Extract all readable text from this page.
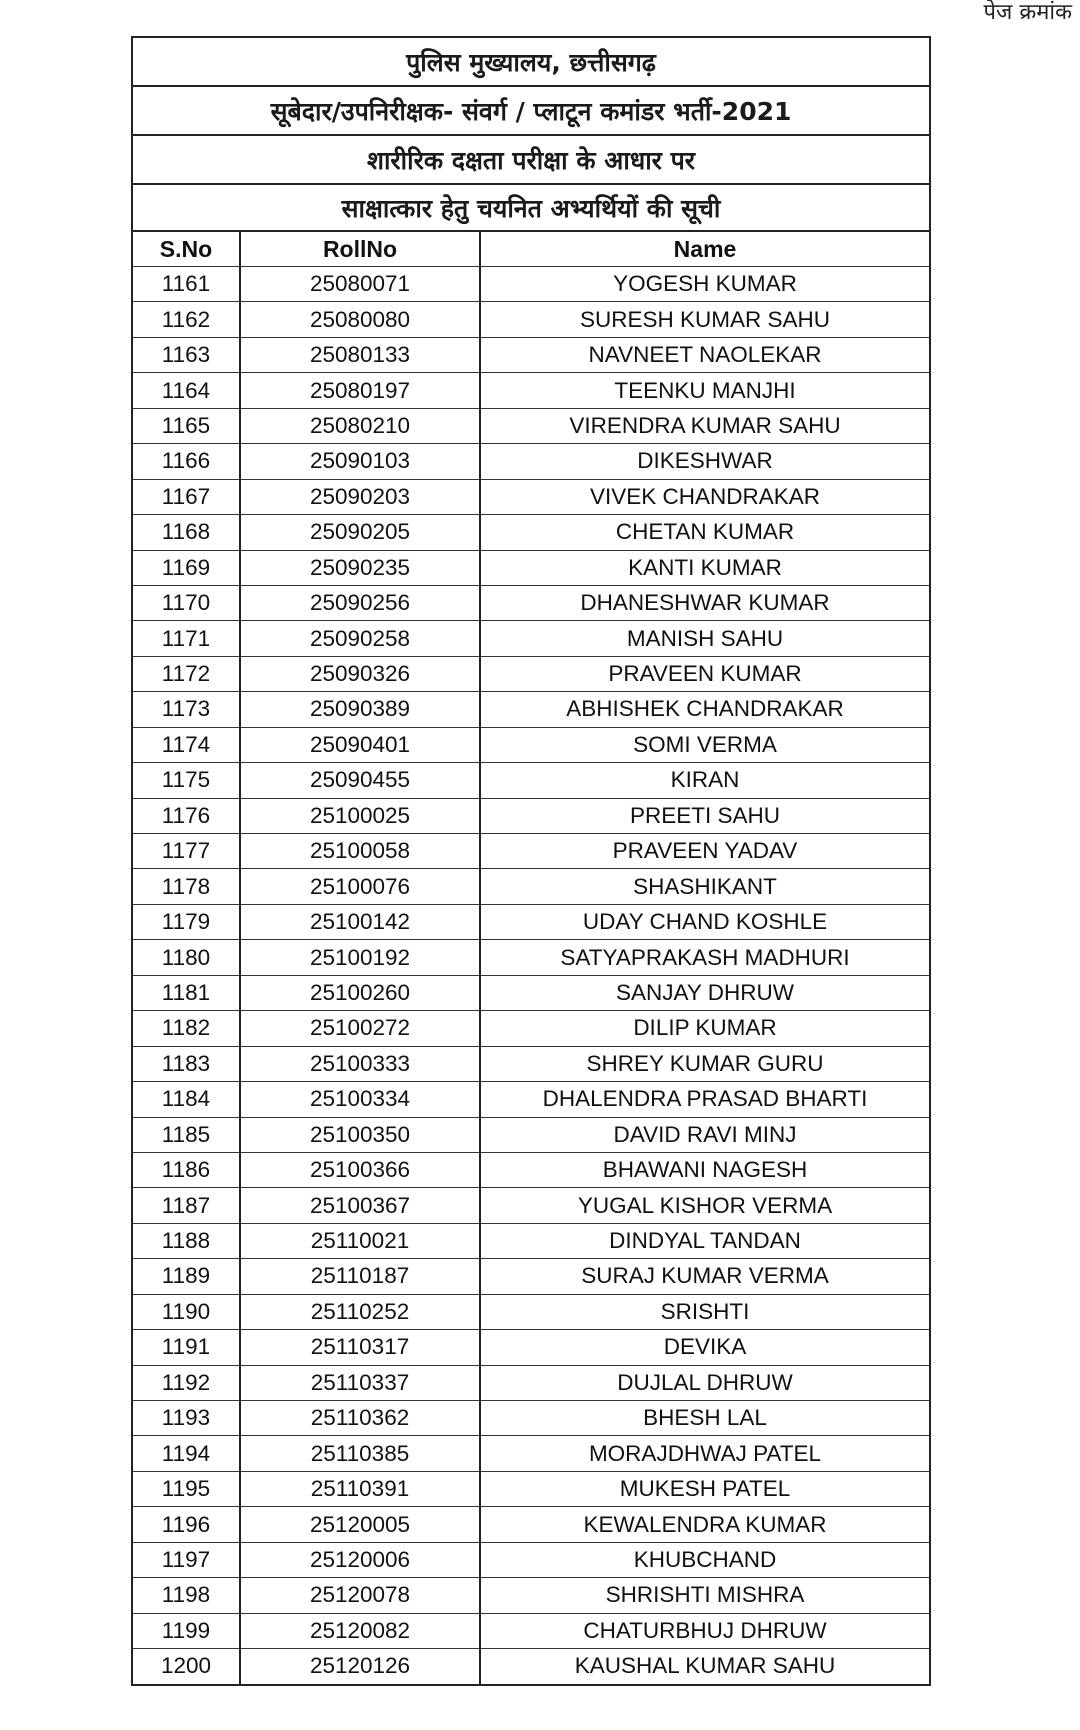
पेज क्रमांक
पुलिस मुख्यालय, छत्तीसगढ़
सूबेदार/उपनिरीक्षक- संवर्ग / प्लाटून कमांडर भर्ती-2021
शारीरिक दक्षता परीक्षा के आधार पर
साक्षात्कार हेतु चयनित अभ्यर्थियों की सूची
S.No	RollNo	Name
1161	25080071	YOGESH KUMAR
1162	25080080	SURESH KUMAR SAHU
1163	25080133	NAVNEET NAOLEKAR
1164	25080197	TEENKU MANJHI
1165	25080210	VIRENDRA KUMAR SAHU
1166	25090103	DIKESHWAR
1167	25090203	VIVEK CHANDRAKAR
1168	25090205	CHETAN KUMAR
1169	25090235	KANTI KUMAR
1170	25090256	DHANESHWAR KUMAR
1171	25090258	MANISH SAHU
1172	25090326	PRAVEEN KUMAR
1173	25090389	ABHISHEK CHANDRAKAR
1174	25090401	SOMI VERMA
1175	25090455	KIRAN
1176	25100025	PREETI SAHU
1177	25100058	PRAVEEN YADAV
1178	25100076	SHASHIKANT
1179	25100142	UDAY CHAND KOSHLE
1180	25100192	SATYAPRAKASH MADHURI
1181	25100260	SANJAY DHRUW
1182	25100272	DILIP KUMAR
1183	25100333	SHREY KUMAR GURU
1184	25100334	DHALENDRA PRASAD BHARTI
1185	25100350	DAVID RAVI MINJ
1186	25100366	BHAWANI NAGESH
1187	25100367	YUGAL KISHOR VERMA
1188	25110021	DINDYAL TANDAN
1189	25110187	SURAJ KUMAR VERMA
1190	25110252	SRISHTI
1191	25110317	DEVIKA
1192	25110337	DUJLAL DHRUW
1193	25110362	BHESH LAL
1194	25110385	MORAJDHWAJ PATEL
1195	25110391	MUKESH PATEL
1196	25120005	KEWALENDRA KUMAR
1197	25120006	KHUBCHAND
1198	25120078	SHRISHTI MISHRA
1199	25120082	CHATURBHUJ DHRUW
1200	25120126	KAUSHAL KUMAR SAHU
